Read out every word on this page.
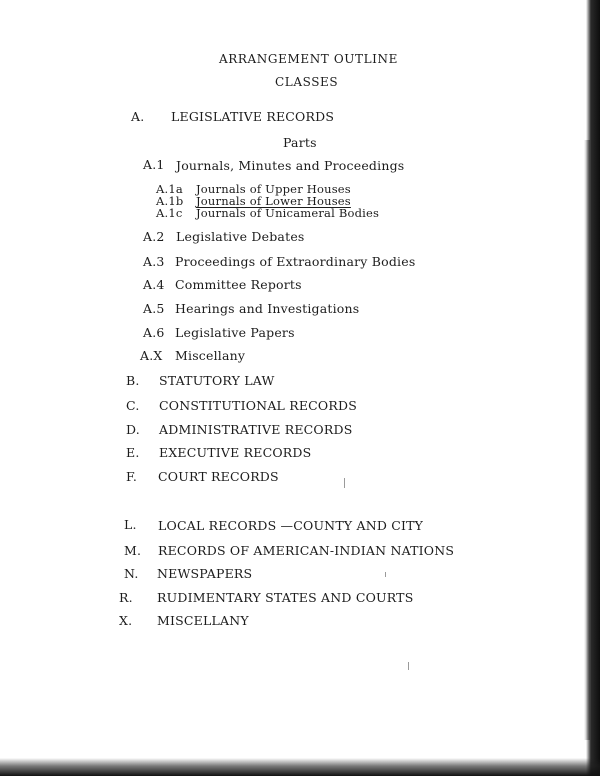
ARRANGEMENT OUTLINE
CLASSES
A. LEGISLATIVE RECORDS
Parts
A.1 Journals, Minutes and Proceedings
A.1a Journals of Upper Houses
A.1b Journals of Lower Houses
A.1c Journals of Unicameral Bodies
A.2 Legislative Debates
A.3 Proceedings of Extraordinary Bodies
A.4 Committee Reports
A.5 Hearings and Investigations
A.6 Legislative Papers
A.X Miscellany
B. STATUTORY LAW
C. CONSTITUTIONAL RECORDS
D. ADMINISTRATIVE RECORDS
E. EXECUTIVE RECORDS
F. COURT RECORDS
L. LOCAL RECORDS —COUNTY AND CITY
M. RECORDS OF AMERICAN-INDIAN NATIONS
N. NEWSPAPERS
R. RUDIMENTARY STATES AND COURTS
X. MISCELLANY
